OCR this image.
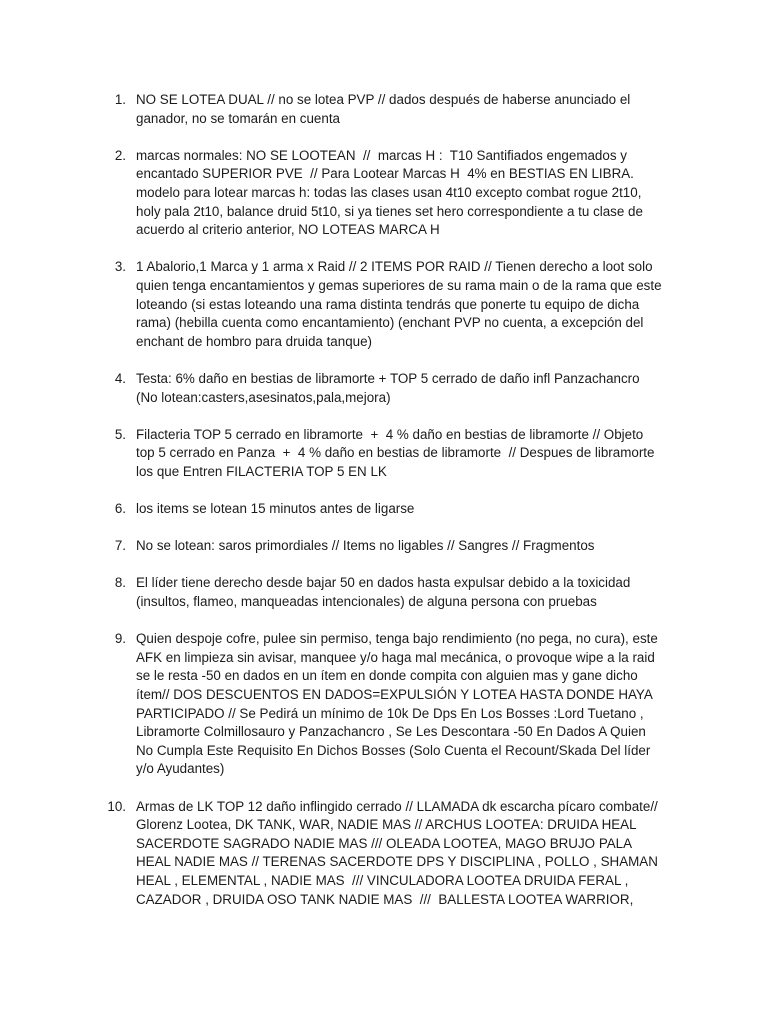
1. NO SE LOTEA DUAL // no se lotea PVP // dados después de haberse anunciado el
ganador, no se tomarán en cuenta
2. marcas normales: NO SE LOOTEAN  //  marcas H :  T10 Santifiados engemados y
encantado SUPERIOR PVE  // Para Lootear Marcas H  4% en BESTIAS EN LIBRA.
modelo para lotear marcas h: todas las clases usan 4t10 excepto combat rogue 2t10,
holy pala 2t10, balance druid 5t10, si ya tienes set hero correspondiente a tu clase de
acuerdo al criterio anterior, NO LOTEAS MARCA H
3. 1 Abalorio,1 Marca y 1 arma x Raid // 2 ITEMS POR RAID // Tienen derecho a loot solo
quien tenga encantamientos y gemas superiores de su rama main o de la rama que este
loteando (si estas loteando una rama distinta tendrás que ponerte tu equipo de dicha
rama) (hebilla cuenta como encantamiento) (enchant PVP no cuenta, a excepción del
enchant de hombro para druida tanque)
4. Testa: 6% daño en bestias de libramorte + TOP 5 cerrado de daño infl Panzachancro
(No lotean:casters,asesinatos,pala,mejora)
5. Filacteria TOP 5 cerrado en libramorte  +  4 % daño en bestias de libramorte // Objeto
top 5 cerrado en Panza  +  4 % daño en bestias de libramorte  // Despues de libramorte
los que Entren FILACTERIA TOP 5 EN LK
6. los items se lotean 15 minutos antes de ligarse
7. No se lotean: saros primordiales // Items no ligables // Sangres // Fragmentos
8. El líder tiene derecho desde bajar 50 en dados hasta expulsar debido a la toxicidad
(insultos, flameo, manqueadas intencionales) de alguna persona con pruebas
9. Quien despoje cofre, pulee sin permiso, tenga bajo rendimiento (no pega, no cura), este
AFK en limpieza sin avisar, manquee y/o haga mal mecánica, o provoque wipe a la raid
se le resta -50 en dados en un ítem en donde compita con alguien mas y gane dicho
ítem// DOS DESCUENTOS EN DADOS=EXPULSIÓN Y LOTEA HASTA DONDE HAYA
PARTICIPADO // Se Pedirá un mínimo de 10k De Dps En Los Bosses :Lord Tuetano ,
Libramorte Colmillosauro y Panzachancro , Se Les Descontara -50 En Dados A Quien
No Cumpla Este Requisito En Dichos Bosses (Solo Cuenta el Recount/Skada Del líder
y/o Ayudantes)
10. Armas de LK TOP 12 daño inflingido cerrado // LLAMADA dk escarcha pícaro combate//
Glorenz Lootea, DK TANK, WAR, NADIE MAS // ARCHUS LOOTEA: DRUIDA HEAL
SACERDOTE SAGRADO NADIE MAS /// OLEADA LOOTEA, MAGO BRUJO PALA
HEAL NADIE MAS // TERENAS SACERDOTE DPS Y DISCIPLINA , POLLO , SHAMAN
HEAL , ELEMENTAL , NADIE MAS  /// VINCULADORA LOOTEA DRUIDA FERAL ,
CAZADOR , DRUIDA OSO TANK NADIE MAS  ///  BALLESTA LOOTEA WARRIOR,
